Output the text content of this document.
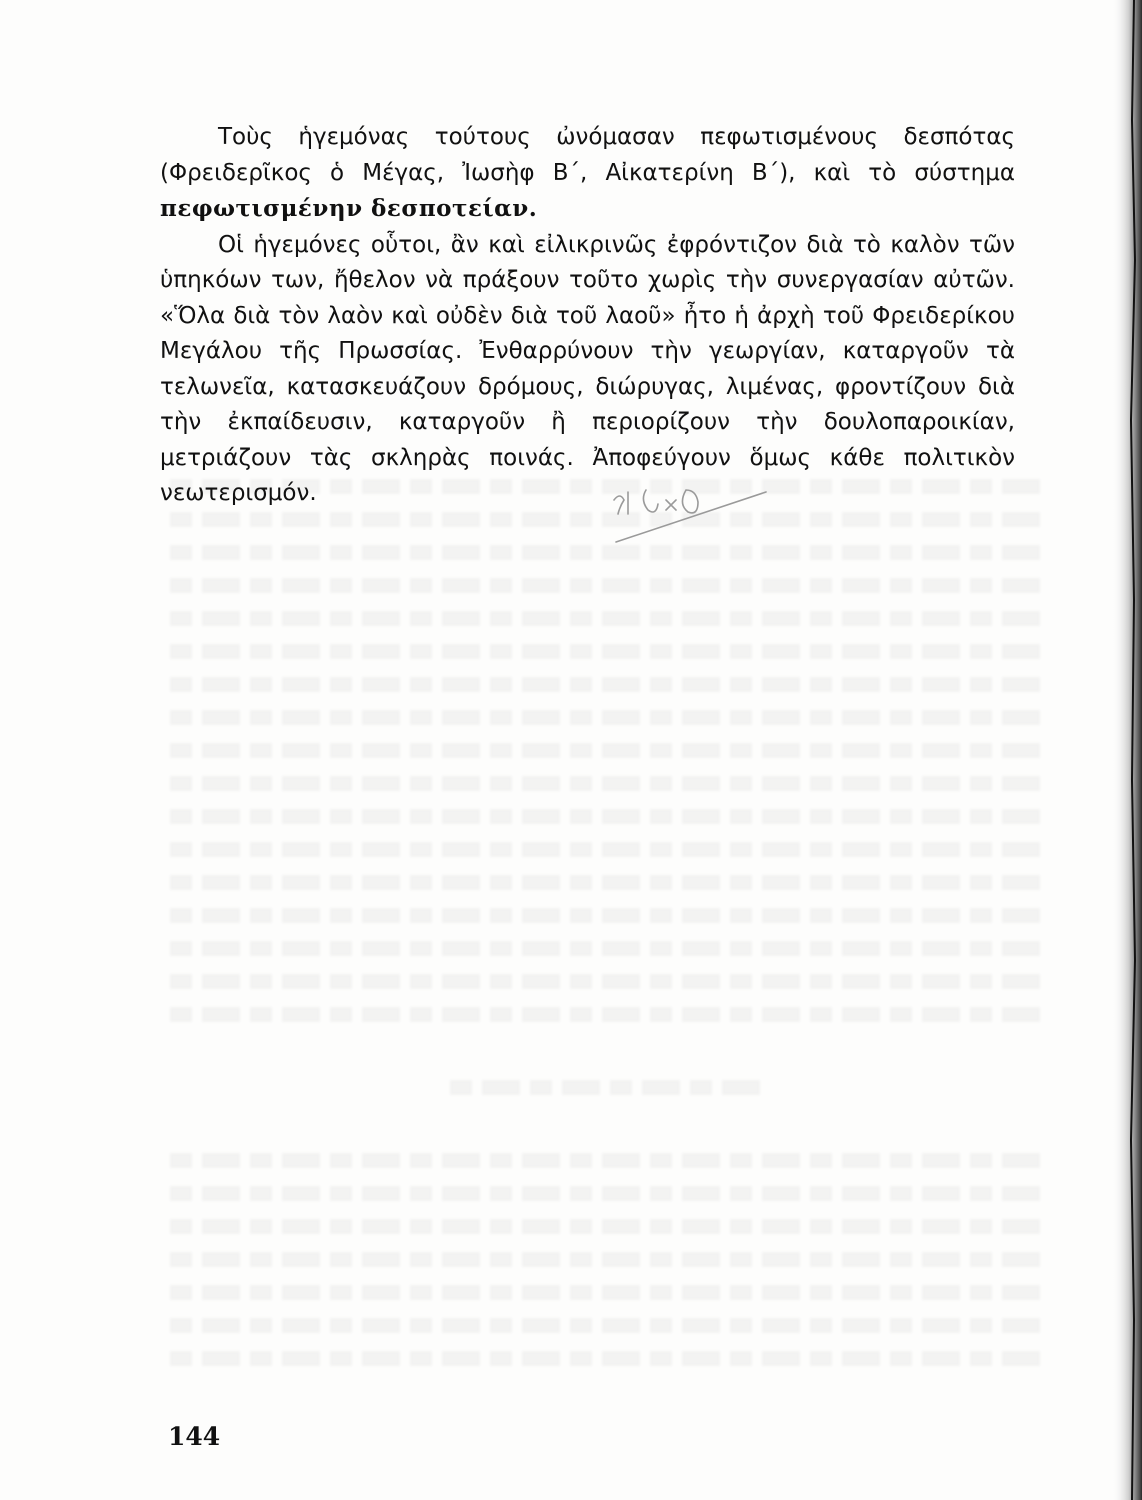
Τοὺς ἡγεμόνας τούτους ὠνόμασαν πεφωτισμένους δεσπότας (Φρειδερῖκος ὁ Μέγας, Ἰωσὴφ Β΄, Αἰκατερίνη Β΄), καὶ τὸ σύστημα πεφωτισμένην δεσποτείαν.

Οἱ ἡγεμόνες οὗτοι, ἂν καὶ εἰλικρινῶς ἐφρόντιζον διὰ τὸ καλὸν τῶν ὑπηκόων των, ἤθελον νὰ πράξουν τοῦτο χωρὶς τὴν συνεργασίαν αὐτῶν. «Ὅλα διὰ τὸν λαὸν καὶ οὐδὲν διὰ τοῦ λαοῦ» ἦτο ἡ ἀρχὴ τοῦ Φρειδερίκου Μεγάλου τῆς Πρωσσίας. Ἐνθαρρύνουν τὴν γεωργίαν, καταργοῦν τὰ τελωνεῖα, κατασκευάζουν δρόμους, διώρυγας, λιμένας, φροντίζουν διὰ τὴν ἐκπαίδευσιν, καταργοῦν ἢ περιορίζουν τὴν δουλοπαροικίαν, μετριάζουν τὰς σκληρὰς ποινάς. Ἀποφεύγουν ὅμως κάθε πολιτικὸν νεωτερισμόν.

144
